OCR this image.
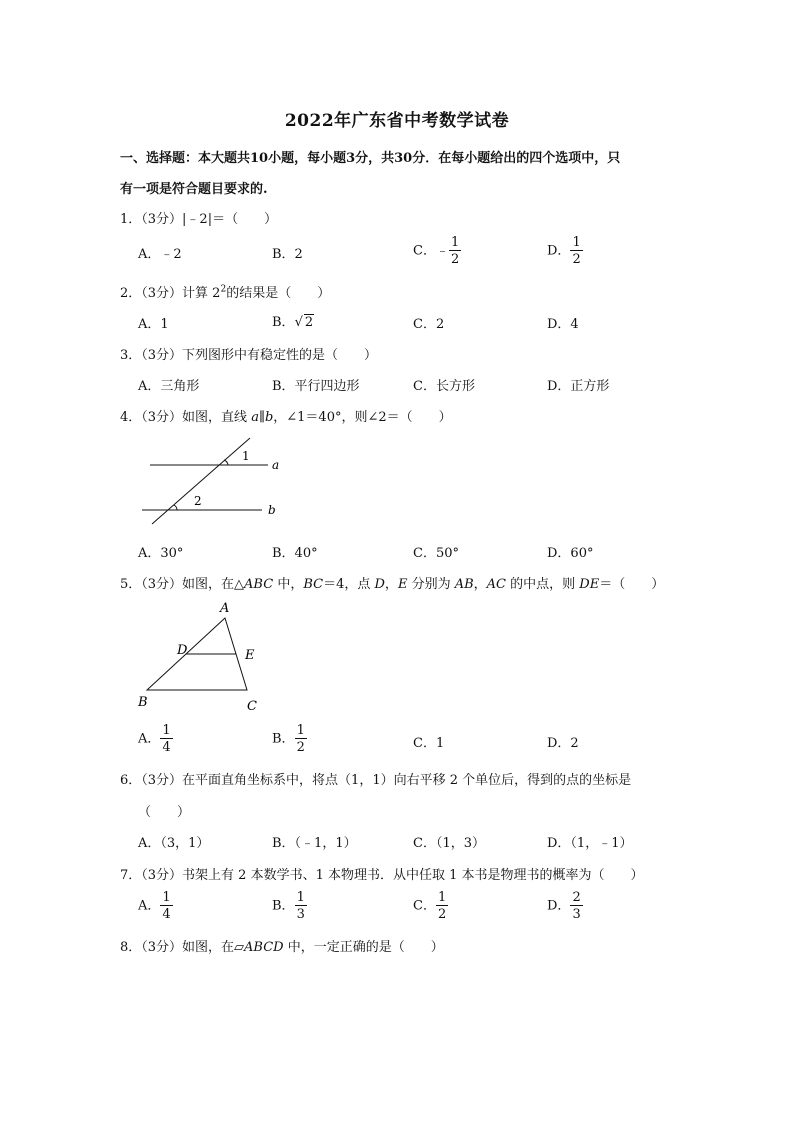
2022年广东省中考数学试卷
一、选择题：本大题共10小题，每小题3分，共30分．在每小题给出的四个选项中，只
有一项是符合题目要求的.
1．（3分）|﹣2|＝（　　）
A．﹣2	B．2	C．﹣ $\frac{1}{2}$	D． $\frac{1}{2}$
2．（3分）计算 $2^2$的结果是（　　）
A．1	B．√ 2	C．2	D．4
3．（3分）下列图形中有稳定性的是（　　）
A．三角形	B．平行四边形	C．长方形	D．正方形
4．（3分）如图，直线 a∥b，∠1＝40°，则∠2＝（　　）
1
2
a
b
A．30°	B．40°	C．50°	D．60°
5．（3分）如图，在△ABC 中，BC＝4，点 D，E 分别为 AB，AC 的中点，则 DE＝（　　）
A
B	C
D	E
A． $\frac{1}{4}$	B． $\frac{1}{2}$	C．1	D．2
6．（3分）在平面直角坐标系中，将点（1，1）向右平移 2 个单位后，得到的点的坐标是
（　　）
A．（3，1）	B．（﹣1，1）	C．（1，3）	D．（1，﹣1）
7．（3分）书架上有 2 本数学书、1 本物理书．从中任取 1 本书是物理书的概率为（　　）
A． $\frac{1}{4}$	B． $\frac{1}{3}$	C． $\frac{1}{2}$	D． $\frac{2}{3}$
8．（3分）如图，在▱ABCD 中，一定正确的是（　　）
